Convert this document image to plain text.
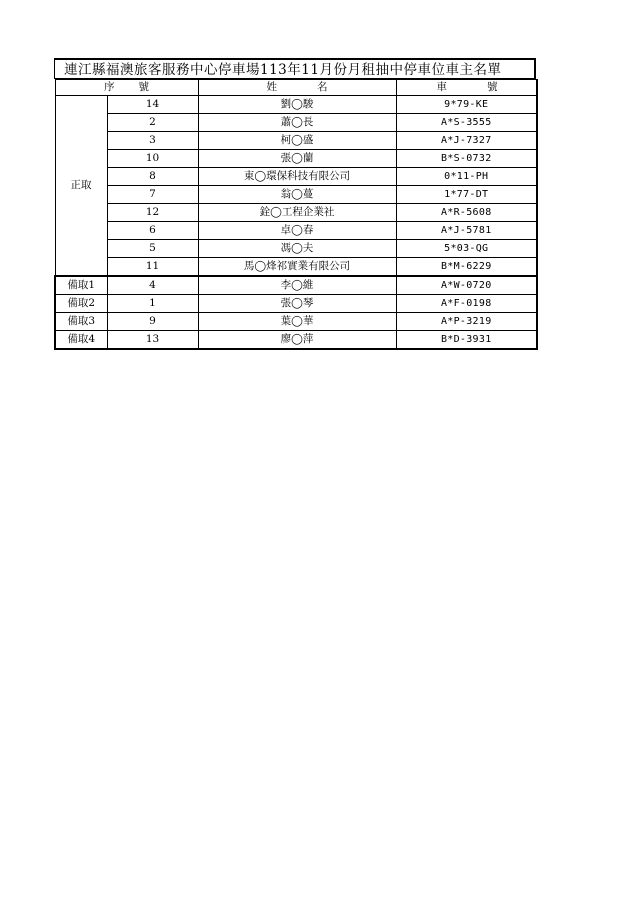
連江縣福澳旅客服務中心停車場113年11月份月租抽中停車位車主名單
序號		姓名	車號
正取	14	劉◯駿	9*79-KE
	2	蕭◯長	A*S-3555
	3	柯◯盛	A*J-7327
	10	張◯蘭	B*S-0732
	8	東◯環保科技有限公司	0*11-PH
	7	翁◯蔓	1*77-DT
	12	銓◯工程企業社	A*R-5608
	6	卓◯春	A*J-5781
	5	馮◯夫	5*03-QG
	11	馬◯烽祁實業有限公司	B*M-6229
備取1	4	李◯維	A*W-0720
備取2	1	張◯琴	A*F-0198
備取3	9	葉◯華	A*P-3219
備取4	13	廖◯萍	B*D-3931
